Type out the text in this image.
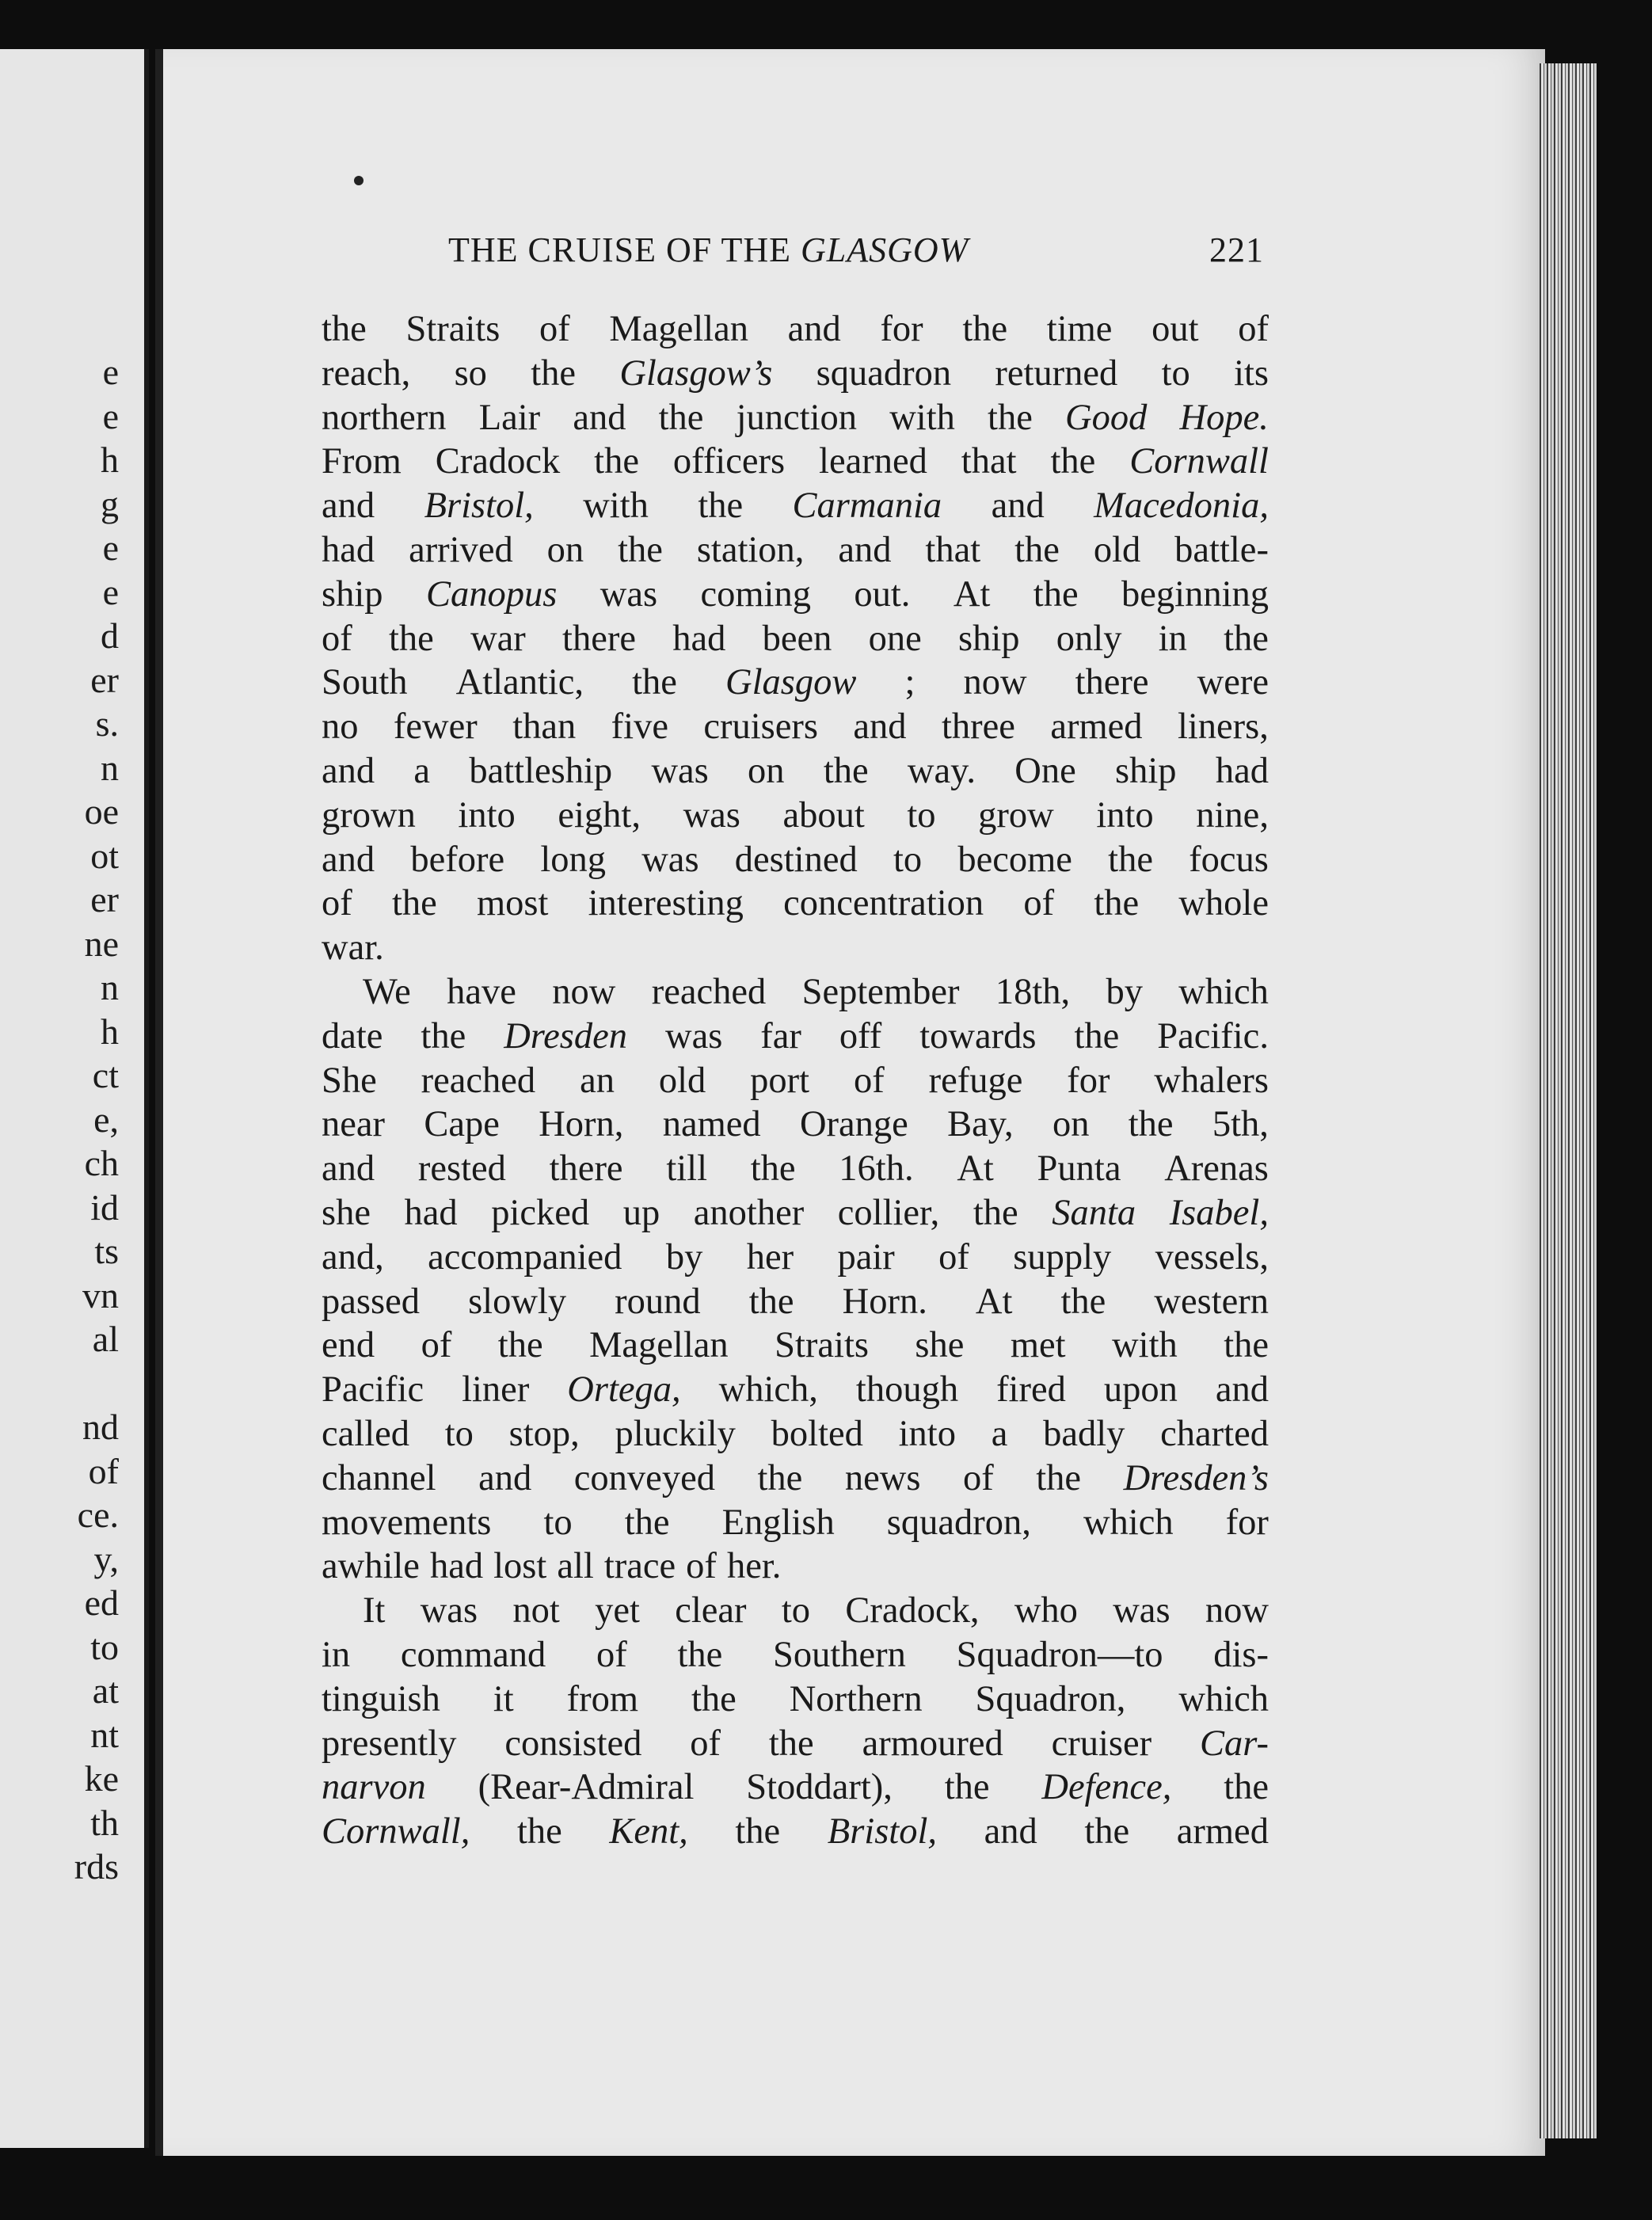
e
e
h
g
e
e
d
er
s.
n
oe
ot
er
ne
n
h
ct
e,
ch
id
ts
vn
al
nd
of
ce.
y,
ed
to
at
nt
ke
th
rds
THE CRUISE OF THE GLASGOW	221
the Straits of Magellan and for the time out of
reach, so the Glasgow’s squadron returned to its
northern Lair and the junction with the Good Hope.
From Cradock the officers learned that the Cornwall
and Bristol, with the Carmania and Macedonia,
had arrived on the station, and that the old battle-
ship Canopus was coming out. At the beginning
of the war there had been one ship only in the
South Atlantic, the Glasgow ; now there were
no fewer than five cruisers and three armed liners,
and a battleship was on the way. One ship had
grown into eight, was about to grow into nine,
and before long was destined to become the focus
of the most interesting concentration of the whole
war.
We have now reached September 18th, by which
date the Dresden was far off towards the Pacific.
She reached an old port of refuge for whalers
near Cape Horn, named Orange Bay, on the 5th,
and rested there till the 16th. At Punta Arenas
she had picked up another collier, the Santa Isabel,
and, accompanied by her pair of supply vessels,
passed slowly round the Horn. At the western
end of the Magellan Straits she met with the
Pacific liner Ortega, which, though fired upon and
called to stop, pluckily bolted into a badly charted
channel and conveyed the news of the Dresden’s
movements to the English squadron, which for
awhile had lost all trace of her.
It was not yet clear to Cradock, who was now
in command of the Southern Squadron—to dis-
tinguish it from the Northern Squadron, which
presently consisted of the armoured cruiser Car-
narvon (Rear-Admiral Stoddart), the Defence, the
Cornwall, the Kent, the Bristol, and the armed
